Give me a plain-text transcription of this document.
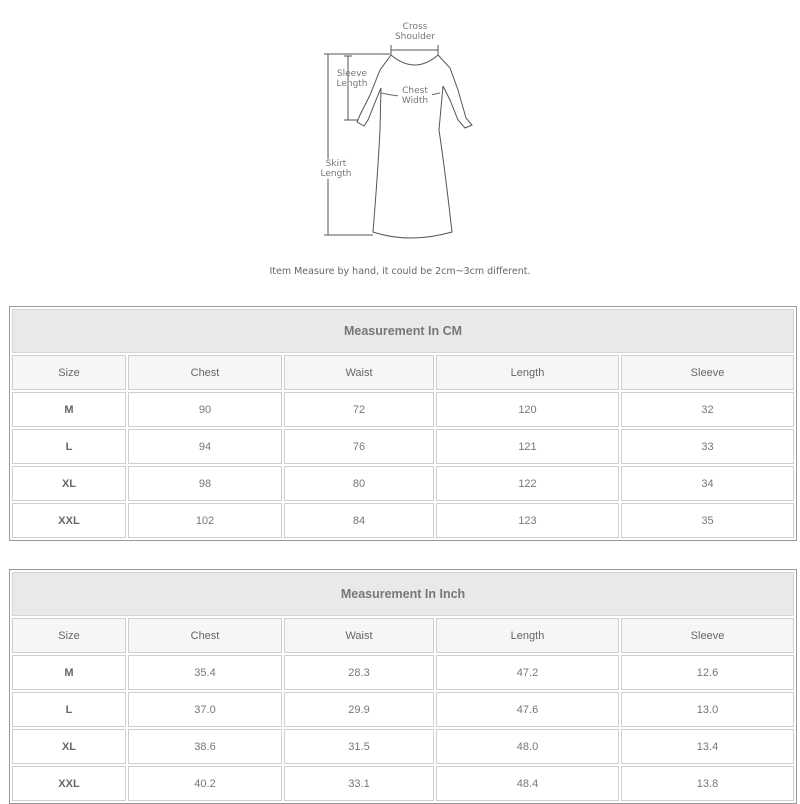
Cross
Shoulder
Sleeve
Length
Chest
Width
Skirt
Length
Item Measure by hand, it could be 2cm~3cm different.
Measurement In CM				
Size	Chest	Waist	Length	Sleeve
M	90	72	120	32
L	94	76	121	33
XL	98	80	122	34
XXL	102	84	123	35
Measurement In Inch				
Size	Chest	Waist	Length	Sleeve
M	35.4	28.3	47.2	12.6
L	37.0	29.9	47.6	13.0
XL	38.6	31.5	48.0	13.4
XXL	40.2	33.1	48.4	13.8
